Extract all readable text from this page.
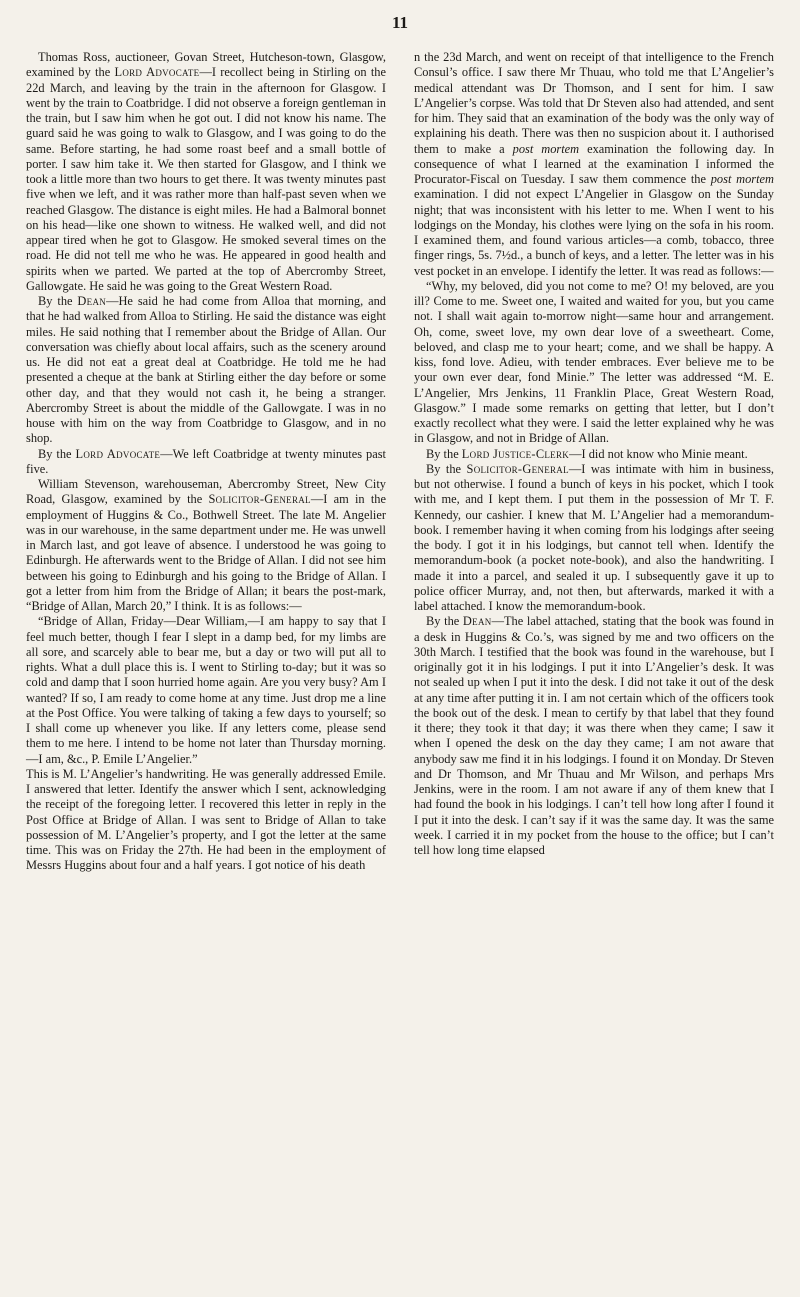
11

Thomas Ross, auctioneer, Govan Street, Hutcheson-town, Glasgow, examined by the Lord Advocate—I recollect being in Stirling on the 22d March, and leaving by the train in the afternoon for Glasgow. I went by the train to Coatbridge. I did not observe a foreign gentleman in the train, but I saw him when he got out. I did not know his name. The guard said he was going to walk to Glasgow, and I was going to do the same. Before starting, he had some roast beef and a small bottle of porter. I saw him take it. We then started for Glasgow, and I think we took a little more than two hours to get there. It was twenty minutes past five when we left, and it was rather more than half-past seven when we reached Glasgow. The distance is eight miles. He had a Balmoral bonnet on his head—like one shown to witness. He walked well, and did not appear tired when he got to Glasgow. He smoked several times on the road. He did not tell me who he was. He appeared in good health and spirits when we parted. We parted at the top of Abercromby Street, Gallowgate. He said he was going to the Great Western Road.

By the Dean—He said he had come from Alloa that morning, and that he had walked from Alloa to Stirling. He said the distance was eight miles. He said nothing that I remember about the Bridge of Allan. Our conversation was chiefly about local affairs, such as the scenery around us. He did not eat a great deal at Coatbridge. He told me he had presented a cheque at the bank at Stirling either the day before or some other day, and that they would not cash it, he being a stranger. Abercromby Street is about the middle of the Gallowgate. I was in no house with him on the way from Coatbridge to Glasgow, and in no shop.

By the Lord Advocate—We left Coatbridge at twenty minutes past five.

William Stevenson, warehouseman, Abercromby Street, New City Road, Glasgow, examined by the Solicitor-General—I am in the employment of Huggins & Co., Bothwell Street. The late M. Angelier was in our warehouse, in the same department under me. He was unwell in March last, and got leave of absence. I understood he was going to Edinburgh. He afterwards went to the Bridge of Allan. I did not see him between his going to Edinburgh and his going to the Bridge of Allan. I got a letter from him from the Bridge of Allan; it bears the post-mark, “Bridge of Allan, March 20,” I think. It is as follows:—

“Bridge of Allan, Friday—Dear William,—I am happy to say that I feel much better, though I fear I slept in a damp bed, for my limbs are all sore, and scarcely able to bear me, but a day or two will put all to rights. What a dull place this is. I went to Stirling to-day; but it was so cold and damp that I soon hurried home again. Are you very busy? Am I wanted? If so, I am ready to come home at any time. Just drop me a line at the Post Office. You were talking of taking a few days to yourself; so I shall come up whenever you like. If any letters come, please send them to me here. I intend to be home not later than Thursday morning.—I am, &c., P. Emile L’Angelier.”

This is M. L’Angelier’s handwriting. He was generally addressed Emile. I answered that letter. Identify the answer which I sent, acknowledging the receipt of the foregoing letter. I recovered this letter in reply in the Post Office at Bridge of Allan. I was sent to Bridge of Allan to take possession of M. L’Angelier’s property, and I got the letter at the same time. This was on Friday the 27th. He had been in the employment of Messrs Huggins about four and a half years. I got notice of his death

n the 23d March, and went on receipt of that intelligence to the French Consul’s office. I saw there Mr Thuau, who told me that L’Angelier’s medical attendant was Dr Thomson, and I sent for him. I saw L’Angelier’s corpse. Was told that Dr Steven also had attended, and sent for him. They said that an examination of the body was the only way of explaining his death. There was then no suspicion about it. I authorised them to make a post mortem examination the following day. In consequence of what I learned at the examination I informed the Procurator-Fiscal on Tuesday. I saw them commence the post mortem examination. I did not expect L’Angelier in Glasgow on the Sunday night; that was inconsistent with his letter to me. When I went to his lodgings on the Monday, his clothes were lying on the sofa in his room. I examined them, and found various articles—a comb, tobacco, three finger rings, 5s. 7½d., a bunch of keys, and a letter. The letter was in his vest pocket in an envelope. I identify the letter. It was read as follows:—

“Why, my beloved, did you not come to me? O! my beloved, are you ill? Come to me. Sweet one, I waited and waited for you, but you came not. I shall wait again to-morrow night—same hour and arrangement. Oh, come, sweet love, my own dear love of a sweetheart. Come, beloved, and clasp me to your heart; come, and we shall be happy. A kiss, fond love. Adieu, with tender embraces. Ever believe me to be your own ever dear, fond Minie.” The letter was addressed “M. E. L’Angelier, Mrs Jenkins, 11 Franklin Place, Great Western Road, Glasgow.” I made some remarks on getting that letter, but I don’t exactly recollect what they were. I said the letter explained why he was in Glasgow, and not in Bridge of Allan.

By the Lord Justice-Clerk—I did not know who Minie meant.

By the Solicitor-General—I was intimate with him in business, but not otherwise. I found a bunch of keys in his pocket, which I took with me, and I kept them. I put them in the possession of Mr T. F. Kennedy, our cashier. I knew that M. L’Angelier had a memorandum-book. I remember having it when coming from his lodgings after seeing the body. I got it in his lodgings, but cannot tell when. Identify the memorandum-book (a pocket note-book), and also the handwriting. I made it into a parcel, and sealed it up. I subsequently gave it up to police officer Murray, and, not then, but afterwards, marked it with a label attached. I know the memorandum-book.

By the Dean—The label attached, stating that the book was found in a desk in Huggins & Co.’s, was signed by me and two officers on the 30th March. I testified that the book was found in the warehouse, but I originally got it in his lodgings. I put it into L’Angelier’s desk. It was not sealed up when I put it into the desk. I did not take it out of the desk at any time after putting it in. I am not certain which of the officers took the book out of the desk. I mean to certify by that label that they found it there; they took it that day; it was there when they came; I saw it when I opened the desk on the day they came; I am not aware that anybody saw me find it in his lodgings. I found it on Monday. Dr Steven and Dr Thomson, and Mr Thuau and Mr Wilson, and perhaps Mrs Jenkins, were in the room. I am not aware if any of them knew that I had found the book in his lodgings. I can’t tell how long after I found it I put it into the desk. I can’t say if it was the same day. It was the same week. I carried it in my pocket from the house to the office; but I can’t tell how long time elapsed
